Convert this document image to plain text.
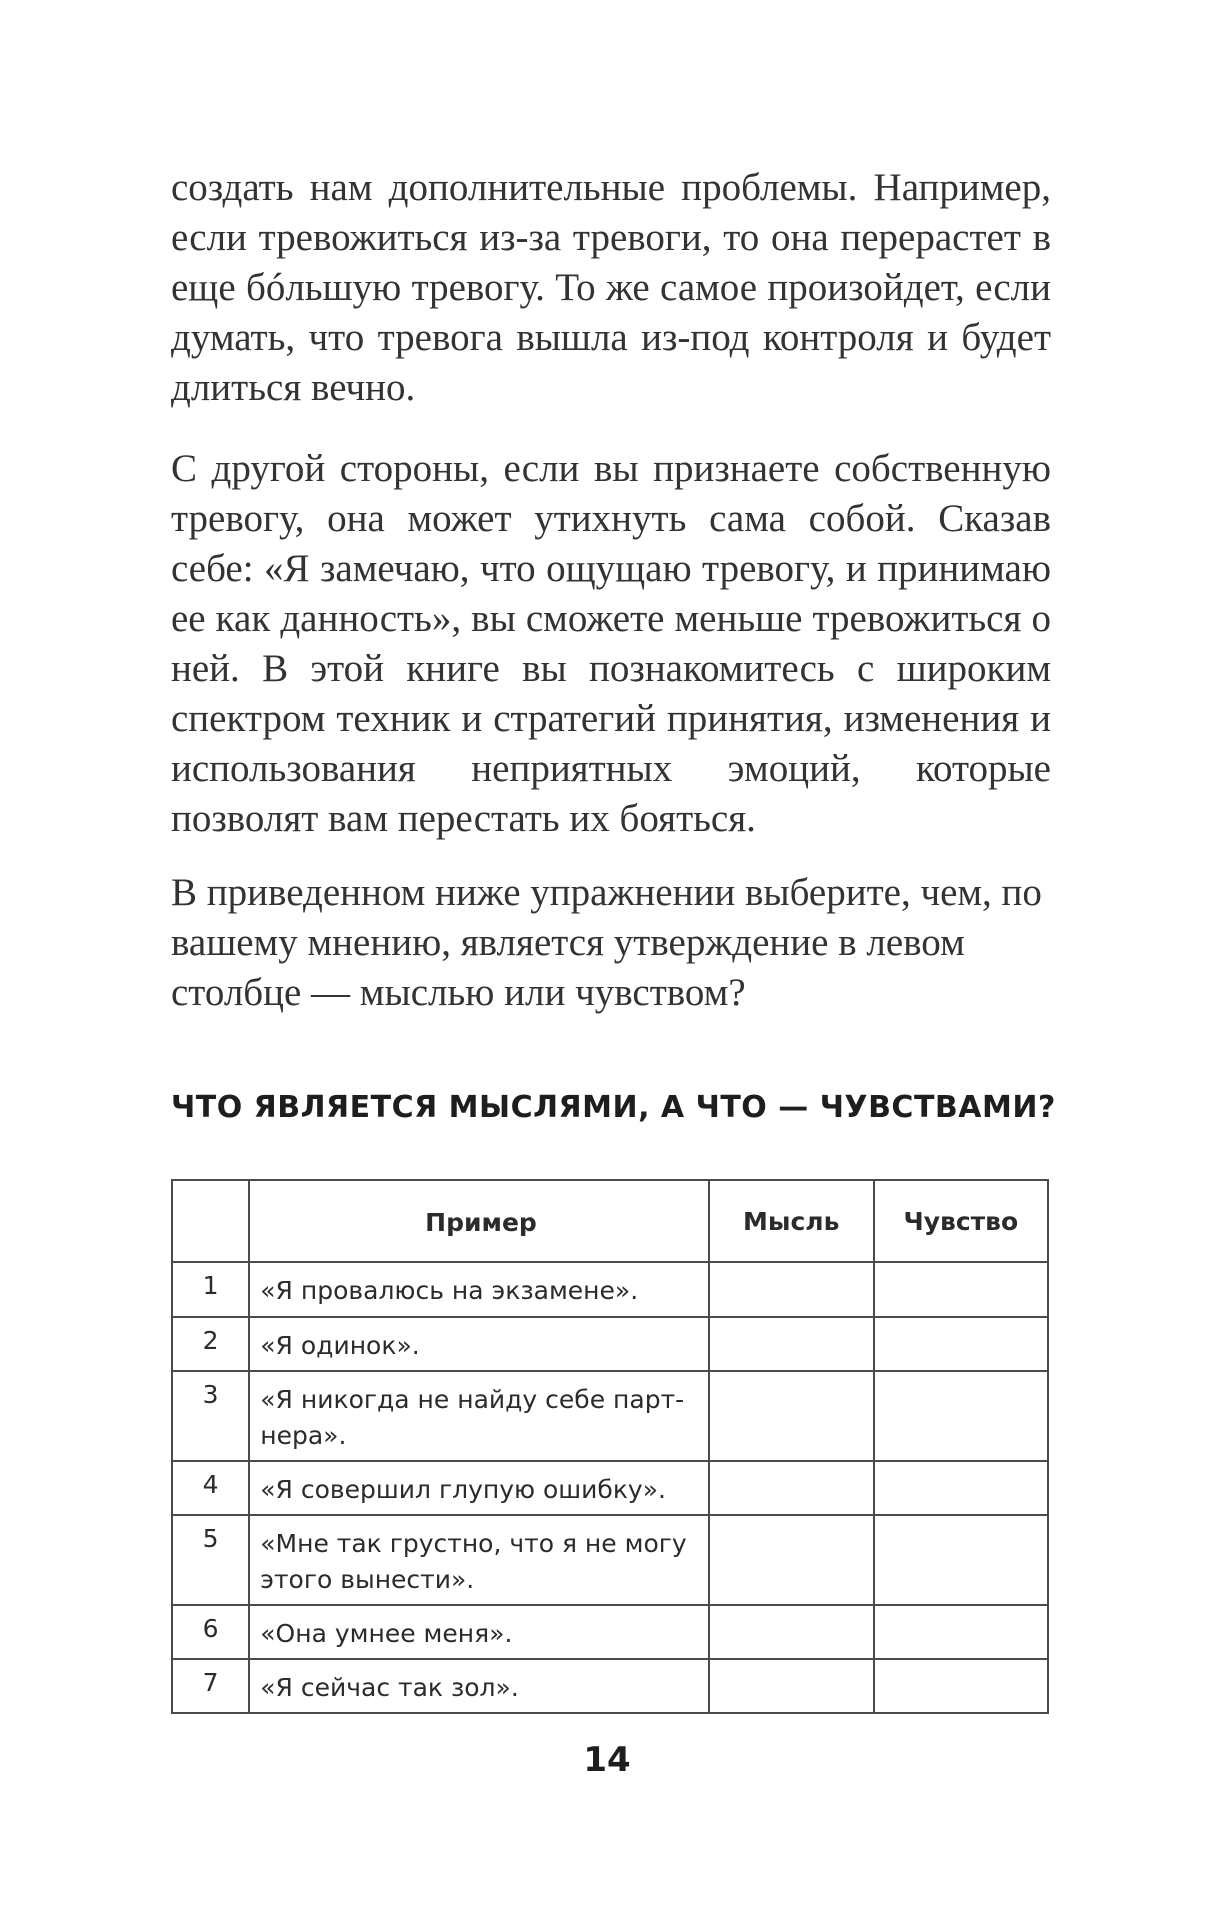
создать нам дополнительные проблемы. Например, если тревожиться из-за тревоги, то она перерастет в еще бóльшую тревогу. То же самое произойдет, если думать, что тревога вышла из-под контроля и будет длиться вечно.

С другой стороны, если вы признаете собственную тревогу, она может утихнуть сама собой. Сказав себе: «Я замечаю, что ощущаю тревогу, и принимаю ее как данность», вы сможете меньше тревожиться о ней. В этой книге вы познакомитесь с широким спектром техник и стратегий принятия, изменения и использования неприятных эмоций, которые позволят вам перестать их бояться.

В приведенном ниже упражнении выберите, чем, по вашему мнению, является утверждение в левом столбце — мыслью или чувством?

ЧТО ЯВЛЯЕТСЯ МЫСЛЯМИ, А ЧТО — ЧУВСТВАМИ?
	Пример	Мысль	Чувство
1	«Я провалюсь на экзамене».		
2	«Я одинок».		
3	«Я никогда не найду себе парт-нера».		
4	«Я совершил глупую ошибку».		
5	«Мне так грустно, что я не могу этого вынести».		
6	«Она умнее меня».		
7	«Я сейчас так зол».		

14
